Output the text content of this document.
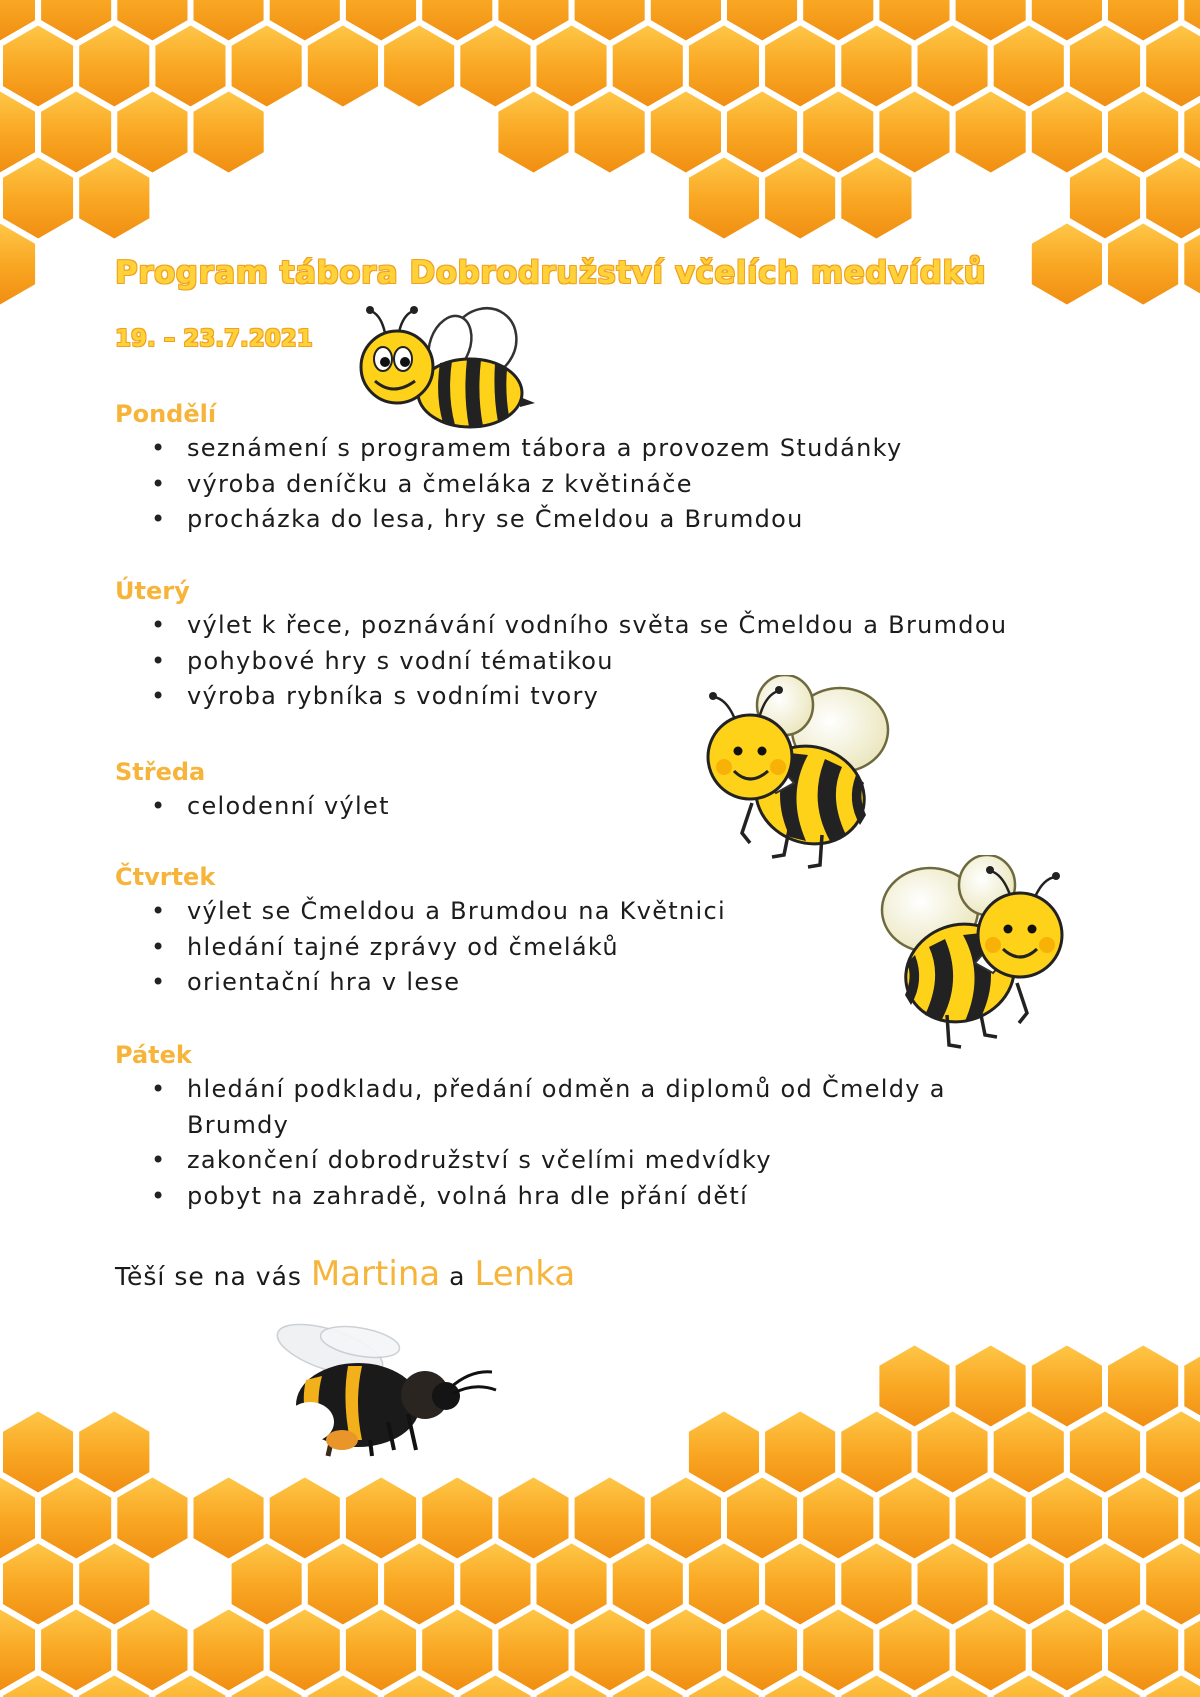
Program tábora Dobrodružství včelích medvídků
19. – 23.7.2021
Pondělí
• seznámení s programem tábora a provozem Studánky
• výroba deníčku a čmeláka z květináče
• procházka do lesa, hry se Čmeldou a Brumdou
Úterý
• výlet k řece, poznávání vodního světa se Čmeldou a Brumdou
• pohybové hry s vodní tématikou
• výroba rybníka s vodními tvory
Středa
• celodenní výlet
Čtvrtek
• výlet se Čmeldou a Brumdou na Květnici
• hledání tajné zprávy od čmeláků
• orientační hra v lese
Pátek
• hledání podkladu, předání odměn a diplomů od Čmeldy a Brumdy
• zakončení dobrodružství s včelími medvídky
• pobyt na zahradě, volná hra dle přání dětí
Těší se na vás Martina a Lenka
